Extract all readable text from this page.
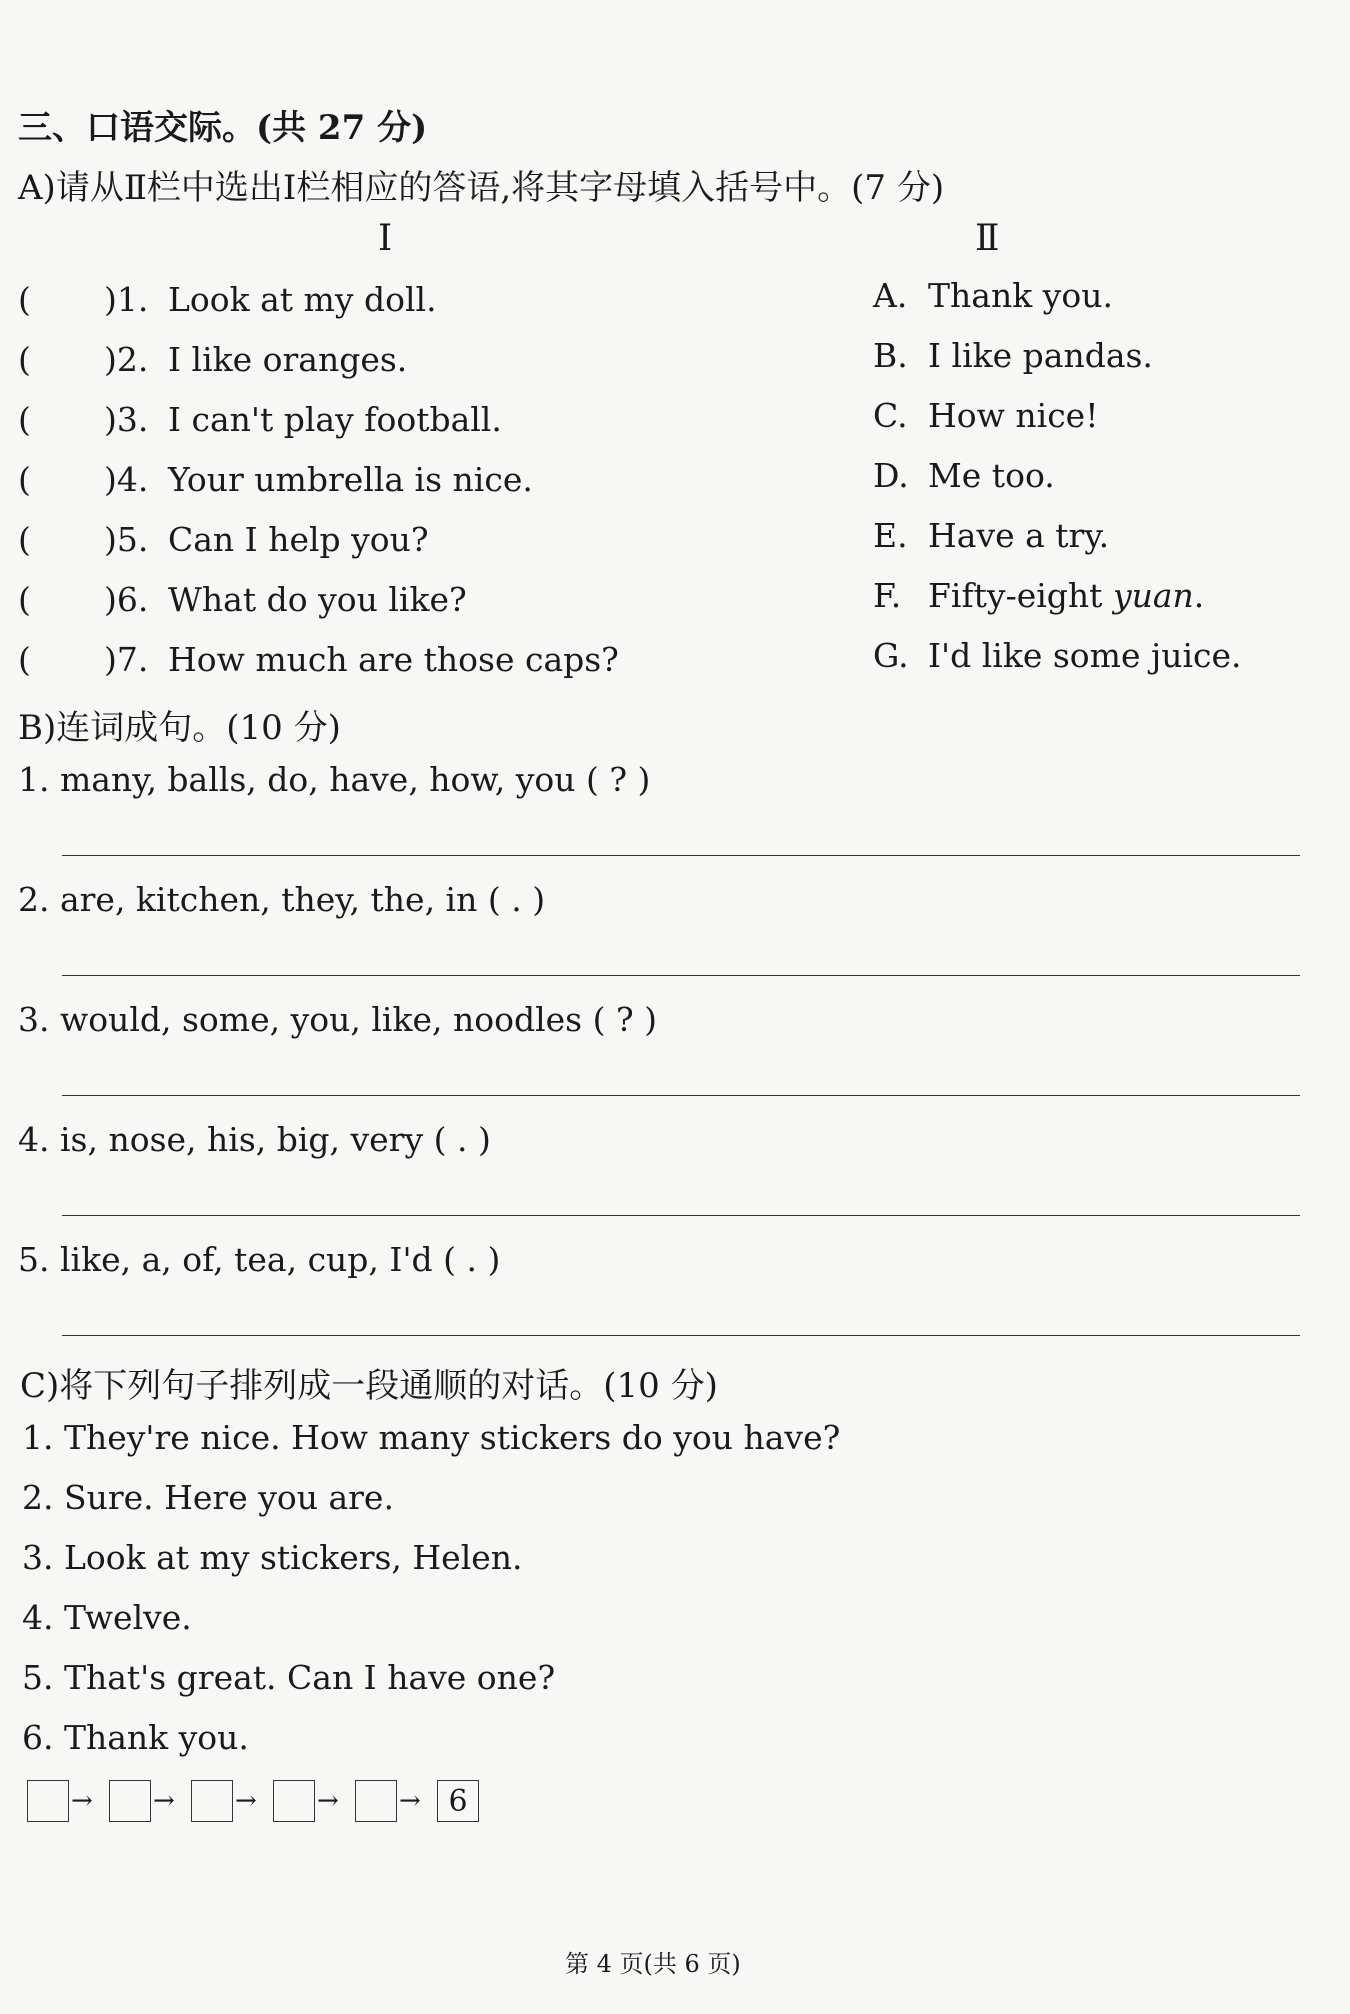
三、口语交际。(共 27 分)
A)请从Ⅱ栏中选出Ⅰ栏相应的答语,将其字母填入括号中。(7 分)
Ⅰ	Ⅱ
( )1. Look at my doll.
( )2. I like oranges.
( )3. I can't play football.
( )4. Your umbrella is nice.
( )5. Can I help you?
( )6. What do you like?
( )7. How much are those caps?
A. Thank you.
B. I like pandas.
C. How nice!
D. Me too.
E. Have a try.
F. Fifty-eight yuan.
G. I'd like some juice.
B)连词成句。(10 分)
1. many, balls, do, have, how, you ( ? )
2. are, kitchen, they, the, in ( . )
3. would, some, you, like, noodles ( ? )
4. is, nose, his, big, very ( . )
5. like, a, of, tea, cup, I'd ( . )
C)将下列句子排列成一段通顺的对话。(10 分)
1. They're nice. How many stickers do you have?
2. Sure. Here you are.
3. Look at my stickers, Helen.
4. Twelve.
5. That's great. Can I have one?
6. Thank you.
→ → → → → 6
第 4 页(共 6 页)
